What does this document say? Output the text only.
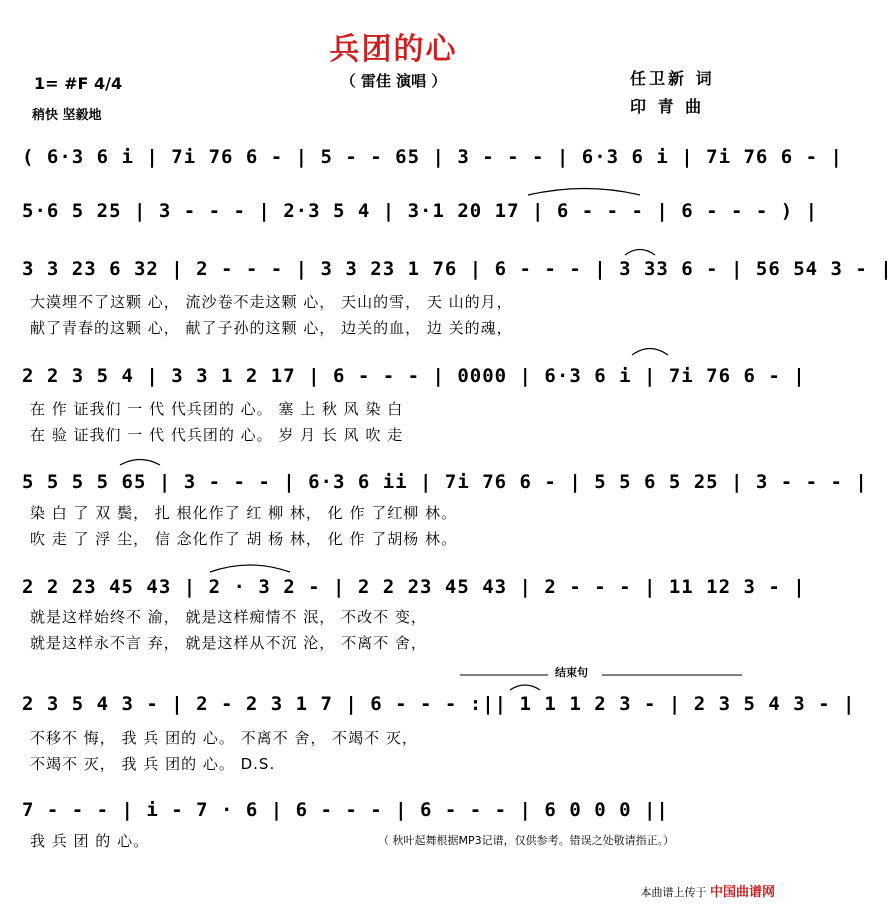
兵团的心
（ 雷佳 演唱 ）
1= #F 4/4
稍快 坚毅地
任卫新 词
印 青 曲
( 6·3 6 i | 7i 76 6 - | 5 - - 65 | 3 - - - | 6·3 6 i | 7i 76 6 - |
5·6 5 25 | 3 - - - | 2·3 5 4 | 3·1 20 17 | 6 - - - | 6 - - - ) |
3 3 23 6 32 | 2 - - - | 3 3 23 1 76 | 6 - - - | 3 33 6 - | 56 54 3 - |
大漠埋不了这颗 心， 流沙卷不走这颗 心， 天山的雪， 天 山的月，
献了青春的这颗 心， 献了子孙的这颗 心， 边关的血， 边 关的魂，
2 2 3 5 4 | 3 3 1 2 17 | 6 - - - | 0000 | 6·3 6 i | 7i 76 6 - |
在 作 证我们 一 代 代兵团的 心。 塞 上 秋 风 染 白
在 验 证我们 一 代 代兵团的 心。 岁 月 长 风 吹 走
5 5 5 5 65 | 3 - - - | 6·3 6 ii | 7i 76 6 - | 5 5 6 5 25 | 3 - - - |
染 白 了 双 鬓， 扎 根化作了 红 柳 林， 化 作 了红柳 林。
吹 走 了 浮 尘， 信 念化作了 胡 杨 林， 化 作 了胡杨 林。
2 2 23 45 43 | 2 · 3 2 - | 2 2 23 45 43 | 2 - - - | 11 12 3 - |
就是这样始终不 渝， 就是这样痴情不 泯， 不改不 变，
就是这样永不言 弃， 就是这样从不沉 沦， 不离不 舍，
结束句
2 3 5 4 3 - | 2 - 2 3 1 7 | 6 - - - :|| 1 1 1 2 3 - | 2 3 5 4 3 - |
不移不 悔， 我 兵 团的 心。 不离不 舍， 不竭不 灭，
不竭不 灭， 我 兵 团的 心。 D.S.
7 - - - | i - 7 · 6 | 6 - - - | 6 - - - | 6 0 0 0 ||
我 兵 团 的 心。	（ 秋叶起舞根据MP3记谱，仅供参考。错误之处敬请指正。）
本曲谱上传于 中国曲谱网
